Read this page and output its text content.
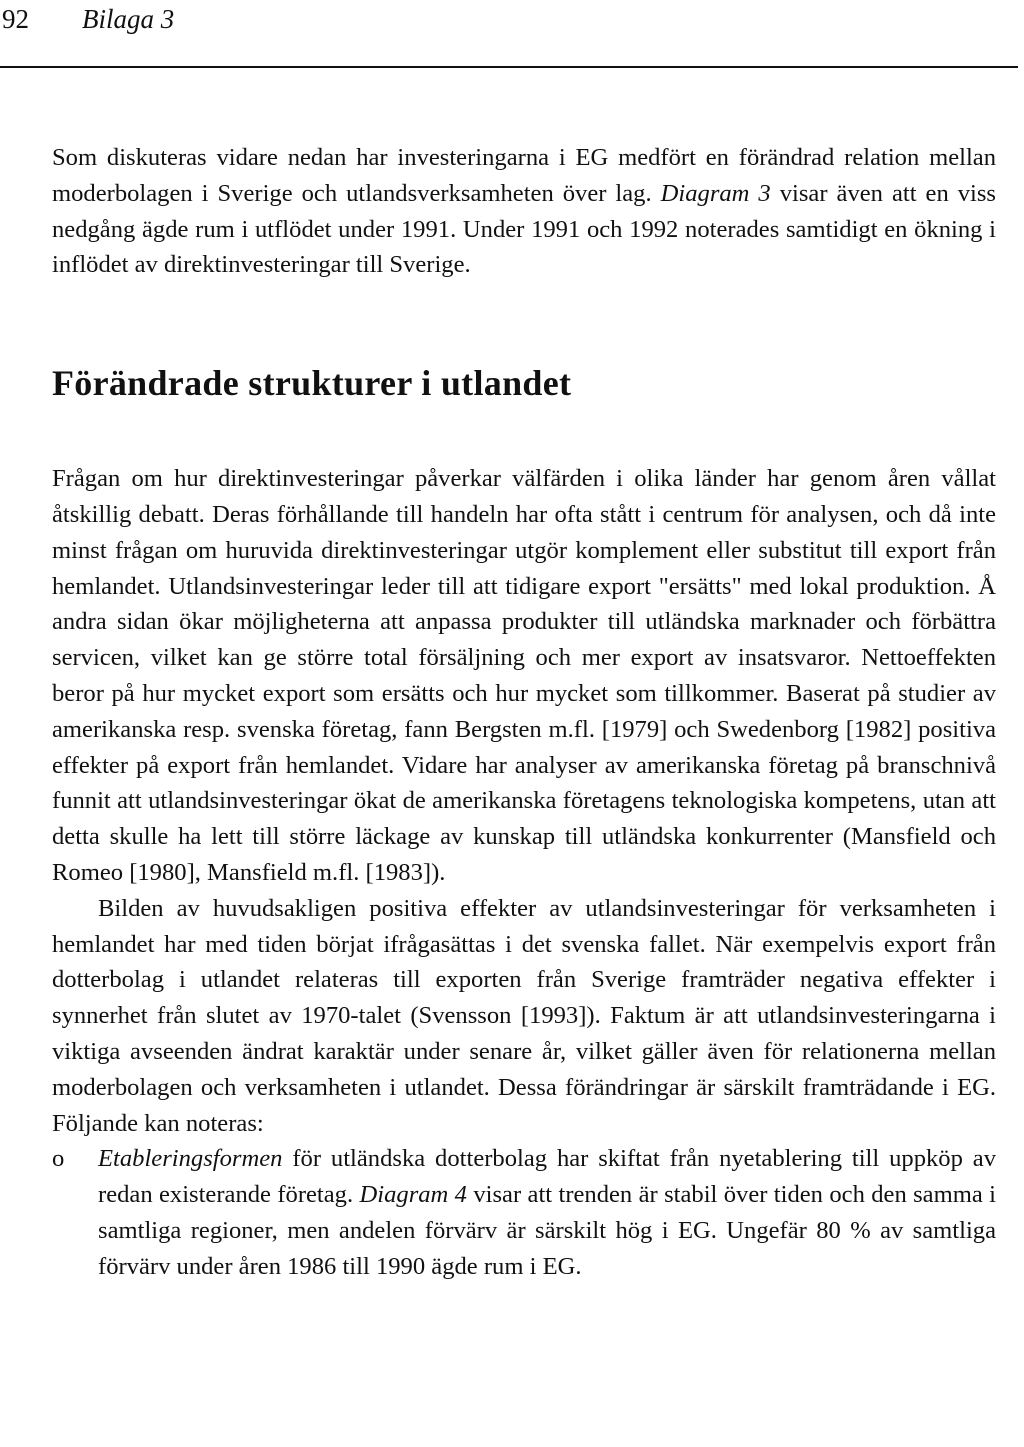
92 Bilaga 3

Som diskuteras vidare nedan har investeringarna i EG medfört en förändrad relation mellan moderbolagen i Sverige och utlandsverksamheten över lag. Diagram 3 visar även att en viss nedgång ägde rum i utflödet under 1991. Under 1991 och 1992 noterades samtidigt en ökning i inflödet av direktinvesteringar till Sverige.

Förändrade strukturer i utlandet

Frågan om hur direktinvesteringar påverkar välfärden i olika länder har genom åren vållat åtskillig debatt. Deras förhållande till handeln har ofta stått i centrum för analysen, och då inte minst frågan om huruvida direktinvesteringar utgör komplement eller substitut till export från hemlandet. Utlandsinvesteringar leder till att tidigare export "ersätts" med lokal produktion. Å andra sidan ökar möjligheterna att anpassa produkter till utländska marknader och förbättra servicen, vilket kan ge större total försäljning och mer export av insatsvaror. Nettoeffekten beror på hur mycket export som ersätts och hur mycket som tillkommer. Baserat på studier av amerikanska resp. svenska företag, fann Bergsten m.fl. [1979] och Swedenborg [1982] positiva effekter på export från hemlandet. Vidare har analyser av amerikanska företag på branschnivå funnit att utlandsinvesteringar ökat de amerikanska företagens teknologiska kompetens, utan att detta skulle ha lett till större läckage av kunskap till utländska konkurrenter (Mansfield och Romeo [1980], Mansfield m.fl. [1983]).

Bilden av huvudsakligen positiva effekter av utlandsinvesteringar för verksamheten i hemlandet har med tiden börjat ifrågasättas i det svenska fallet. När exempelvis export från dotterbolag i utlandet relateras till exporten från Sverige framträder negativa effekter i synnerhet från slutet av 1970-talet (Svensson [1993]). Faktum är att utlandsinvesteringarna i viktiga avseenden ändrat karaktär under senare år, vilket gäller även för relationerna mellan moderbolagen och verksamheten i utlandet. Dessa förändringar är särskilt framträdande i EG. Följande kan noteras:

o Etableringsformen för utländska dotterbolag har skiftat från nyetablering till uppköp av redan existerande företag. Diagram 4 visar att trenden är stabil över tiden och den samma i samtliga regioner, men andelen förvärv är särskilt hög i EG. Ungefär 80 % av samtliga förvärv under åren 1986 till 1990 ägde rum i EG.
